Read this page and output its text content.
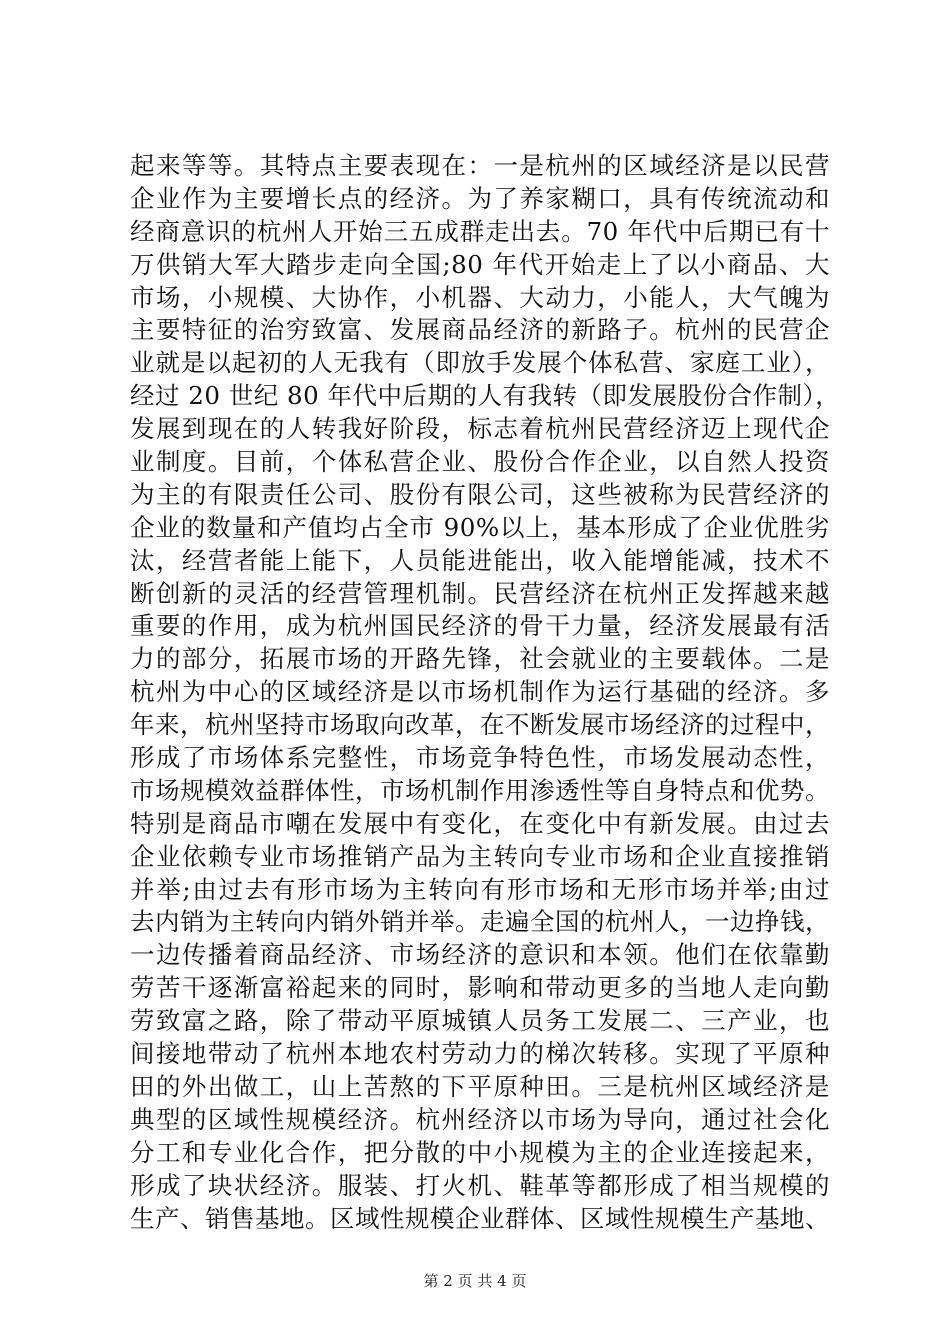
起来等等。其特点主要表现在：一是杭州的区域经济是以民营
企业作为主要增长点的经济。为了养家糊口，具有传统流动和
经商意识的杭州人开始三五成群走出去。70 年代中后期已有十
万供销大军大踏步走向全国;80 年代开始走上了以小商品、大
市场，小规模、大协作，小机器、大动力，小能人，大气魄为
主要特征的治穷致富、发展商品经济的新路子。杭州的民营企
业就是以起初的人无我有（即放手发展个体私营、家庭工业），
经过 20 世纪 80 年代中后期的人有我转（即发展股份合作制），
发展到现在的人转我好阶段，标志着杭州民营经济迈上现代企
业制度。目前，个体私营企业、股份合作企业，以自然人投资
为主的有限责任公司、股份有限公司，这些被称为民营经济的
企业的数量和产值均占全市 90%以上，基本形成了企业优胜劣
汰，经营者能上能下，人员能进能出，收入能增能减，技术不
断创新的灵活的经营管理机制。民营经济在杭州正发挥越来越
重要的作用，成为杭州国民经济的骨干力量，经济发展最有活
力的部分，拓展市场的开路先锋，社会就业的主要载体。二是
杭州为中心的区域经济是以市场机制作为运行基础的经济。多
年来，杭州坚持市场取向改革，在不断发展市场经济的过程中，
形成了市场体系完整性，市场竞争特色性，市场发展动态性，
市场规模效益群体性，市场机制作用渗透性等自身特点和优势。
特别是商品市嘲在发展中有变化，在变化中有新发展。由过去
企业依赖专业市场推销产品为主转向专业市场和企业直接推销
并举;由过去有形市场为主转向有形市场和无形市场并举;由过
去内销为主转向内销外销并举。走遍全国的杭州人，一边挣钱，
一边传播着商品经济、市场经济的意识和本领。他们在依靠勤
劳苦干逐渐富裕起来的同时，影响和带动更多的当地人走向勤
劳致富之路，除了带动平原城镇人员务工发展二、三产业，也
间接地带动了杭州本地农村劳动力的梯次转移。实现了平原种
田的外出做工，山上苦熬的下平原种田。三是杭州区域经济是
典型的区域性规模经济。杭州经济以市场为导向，通过社会化
分工和专业化合作，把分散的中小规模为主的企业连接起来，
形成了块状经济。服装、打火机、鞋革等都形成了相当规模的
生产、销售基地。区域性规模企业群体、区域性规模生产基地、
第 2 页 共 4 页
